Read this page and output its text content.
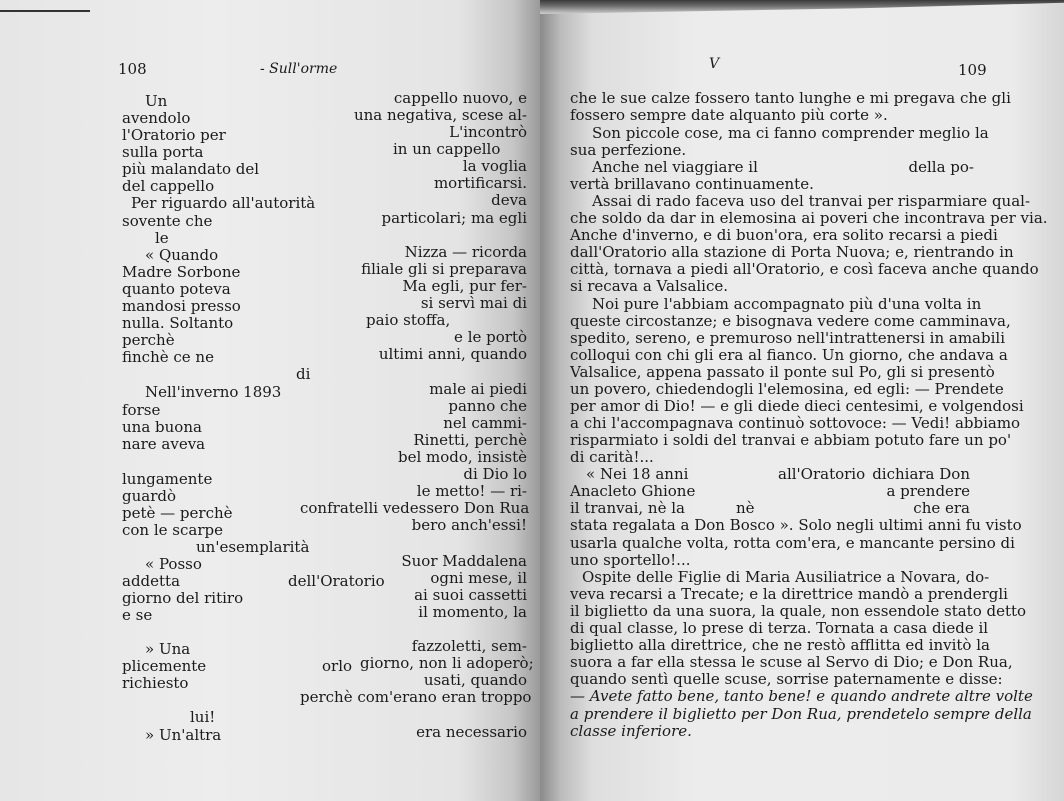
108	- Sull'orme	109
V
Un
avendolo
l'Oratorio per
sulla porta
più malandato del
del cappello
Per riguardo all'autorità
sovente che
le
« Quando
Madre Sorbone
quanto poteva
mandosi presso
nulla. Soltanto
perchè
finchè ce ne
di
Nell'inverno 1893
forse
una buona
nare aveva
lungamente
guardò
petè — perchè
con le scarpe
un'esemplarità
« Posso
addetta	dell'Oratorio
giorno del ritiro
e se
» Una
plicemente	orlo
richiesto
lui!
» Un'altra
cappello nuovo, e
una negativa, scese al-
L'incontrò
in un cappello
la voglia
mortificarsi.
deva
particolari; ma egli
Nizza — ricorda
filiale gli si preparava
Ma egli, pur fer-
si servì mai di
paio stoffa,
e le portò
ultimi anni, quando
male ai piedi
panno che
nel cammi-
Rinetti, perchè
bel modo, insistè
di Dio lo
le metto! — ri-
confratelli vedessero Don Rua
bero anch'essi!
Suor Maddalena
ogni mese, il
ai suoi cassetti
il momento, la
fazzoletti, sem-
giorno, non li adoperò;
usati, quando
perchè com'erano eran troppo
era necessario
che le sue calze fossero tanto lunghe e mi pregava che gli
fossero sempre date alquanto più corte ».
Son piccole cose, ma ci fanno comprender meglio la
sua perfezione.
Anche nel viaggiare il	della po-
vertà brillavano continuamente.
Assai di rado faceva uso del tranvai per risparmiare qual-
che soldo da dar in elemosina ai poveri che incontrava per via.
Anche d'inverno, e di buon'ora, era solito recarsi a piedi
dall'Oratorio alla stazione di Porta Nuova; e, rientrando in
città, tornava a piedi all'Oratorio, e così faceva anche quando
si recava a Valsalice.
Noi pure l'abbiam accompagnato più d'una volta in
queste circostanze; e bisognava vedere come camminava,
spedito, sereno, e premuroso nell'intrattenersi in amabili
colloqui con chi gli era al fianco. Un giorno, che andava a
Valsalice, appena passato il ponte sul Po, gli si presentò
un povero, chiedendogli l'elemosina, ed egli: — Prendete
per amor di Dio! — e gli diede dieci centesimi, e volgendosi
a chi l'accompagnava continuò sottovoce: — Vedi! abbiamo
risparmiato i soldi del tranvai e abbiam potuto fare un po'
di carità!...
« Nei 18 anni	all'Oratorio dichiara Don
Anacleto Ghione	a prendere
il tranvai, nè la	nè	che era
stata regalata a Don Bosco ». Solo negli ultimi anni fu visto
usarla qualche volta, rotta com'era, e mancante persino di
uno sportello!...
Ospite delle Figlie di Maria Ausiliatrice a Novara, do-
veva recarsi a Trecate; e la direttrice mandò a prendergli
il biglietto da una suora, la quale, non essendole stato detto
di qual classe, lo prese di terza. Tornata a casa diede il
biglietto alla direttrice, che ne restò afflitta ed invitò la
suora a far ella stessa le scuse al Servo di Dio; e Don Rua,
quando sentì quelle scuse, sorrise paternamente e disse:
— Avete fatto bene, tanto bene! e quando andrete altre volte
a prendere il biglietto per Don Rua, prendetelo sempre della
classe inferiore.
